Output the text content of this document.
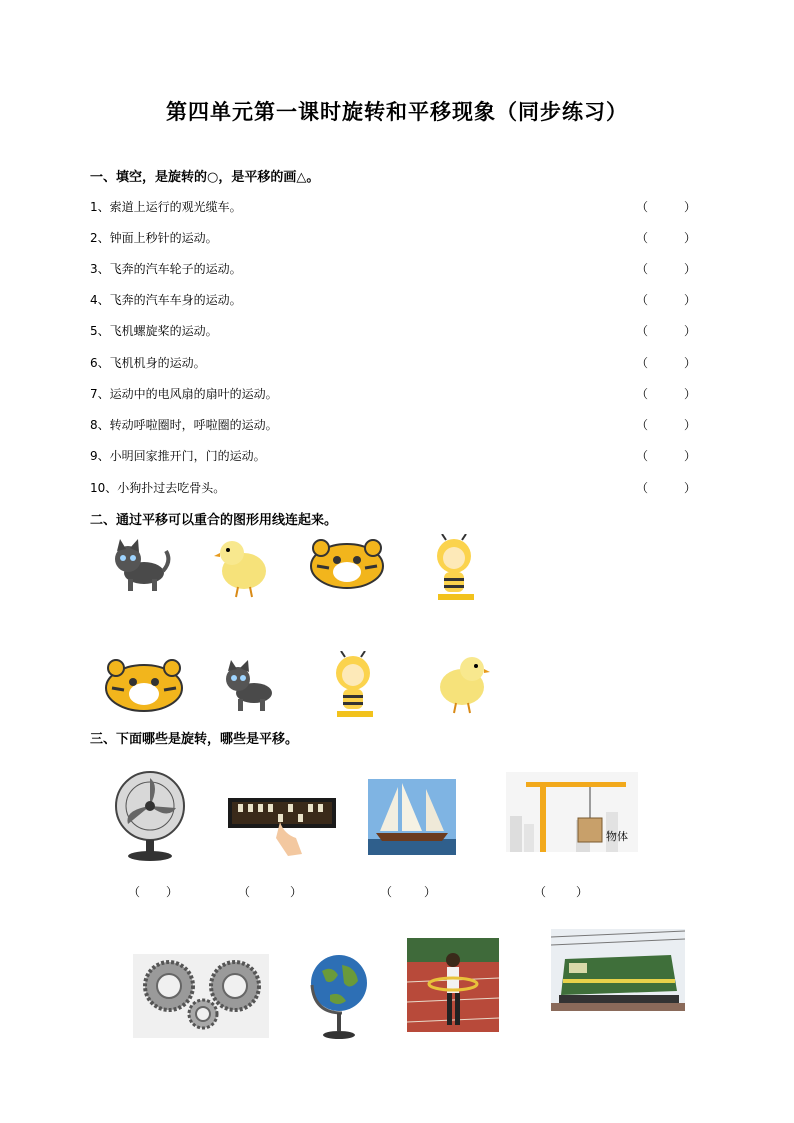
第四单元第一课时旋转和平移现象（同步练习）
一、填空，是旋转的○，是平移的画△。
1、索道上运行的观光缆车。	（	）
2、钟面上秒针的运动。	（	）
3、飞奔的汽车轮子的运动。	（	）
4、飞奔的汽车车身的运动。	（	）
5、飞机螺旋桨的运动。	（	）
6、飞机机身的运动。	（	）
7、运动中的电风扇的扇叶的运动。	（	）
8、转动呼啦圈时，呼啦圈的运动。	（	）
9、小明回家推开门，门的运动。	（	）
10、小狗扑过去吃骨头。	（	）
二、通过平移可以重合的图形用线连起来。
三、下面哪些是旋转，哪些是平移。
物体
（ ）	（	）	（	）	（ ）
